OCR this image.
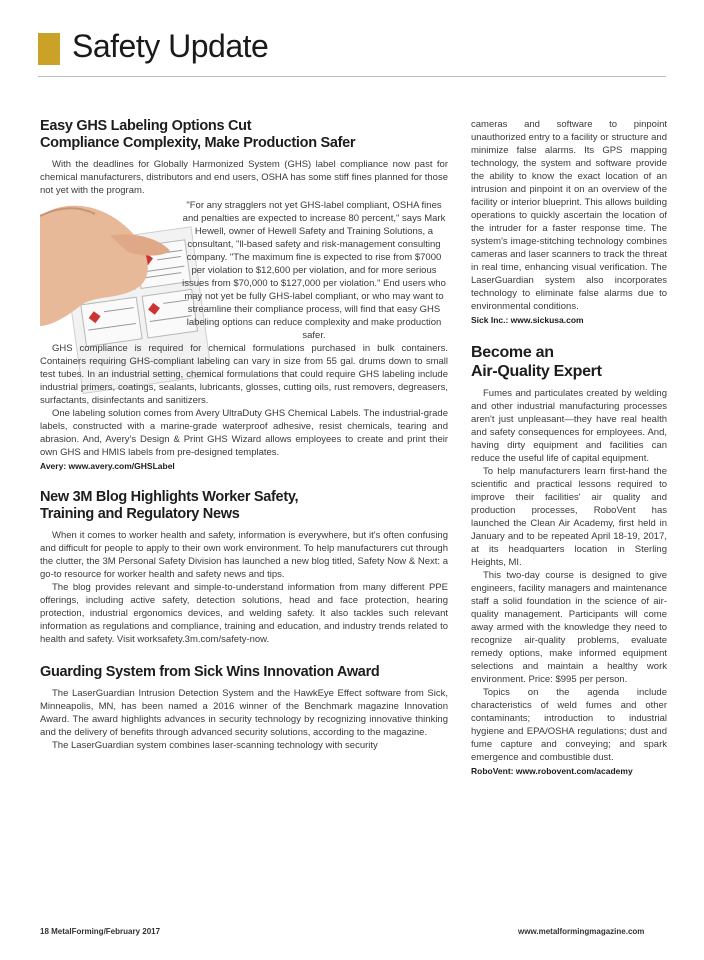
Safety Update
Easy GHS Labeling Options Cut
Compliance Complexity, Make Production Safer

With the deadlines for Globally Harmonized System (GHS) label compliance now past for chemical manufacturers, distributors and end users, OSHA has some stiff fines planned for those not yet with the program.

"For any stragglers not yet GHS-label compliant, OSHA fines and penalties are expected to increase 80 percent," says Mark Hewell, owner of Hewell Safety and Training Solutions, a consultant, "ll-based safety and risk-management consulting company. "The maximum fine is expected to rise from $7000 per violation to $12,600 per violation, and for more serious issues from $70,000 to $127,000 per violation." End users who may not yet be fully GHS-label compliant, or who may want to streamline their compliance process, will find that easy GHS labeling options can reduce complexity and make production safer.

GHS compliance is required for chemical formulations purchased in bulk containers. Containers requiring GHS-compliant labeling can vary in size from 55 gal. drums down to small test tubes. In an industrial setting, chemical formulations that could require GHS labeling include industrial primers, coatings, sealants, lubricants, glosses, cutting oils, rust removers, degreasers, surfactants, disinfectants and sanitizers.

One labeling solution comes from Avery UltraDuty GHS Chemical Labels. The industrial-grade labels, constructed with a marine-grade waterproof adhesive, resist chemicals, tearing and abrasion. And, Avery's Design & Print GHS Wizard allows employees to create and print their own GHS and HMIS labels from pre-designed templates.

Avery: www.avery.com/GHSLabel
New 3M Blog Highlights Worker Safety,
Training and Regulatory News

When it comes to worker health and safety, information is everywhere, but it's often confusing and difficult for people to apply to their own work environment. To help manufacturers cut through the clutter, the 3M Personal Safety Division has launched a new blog titled, Safety Now & Next: a go-to resource for worker health and safety news and tips.

The blog provides relevant and simple-to-understand information from many different PPE offerings, including active safety, detection solutions, head and face protection, hearing protection, industrial ergonomics devices, and welding safety. It also tackles such relevant information as regulations and compliance, training and education, and industry trends related to health and safety. Visit worksafety.3m.com/safety-now.

Guarding System from Sick Wins Innovation Award

The LaserGuardian Intrusion Detection System and the HawkEye Effect software from Sick, Minneapolis, MN, has been named a 2016 winner of the Benchmark magazine Innovation Award. The award highlights advances in security technology by recognizing innovative thinking and the delivery of benefits through advanced security solutions, according to the magazine.

The LaserGuardian system combines laser-scanning technology with security

cameras and software to pinpoint unauthorized entry to a facility or structure and minimize false alarms. Its GPS mapping technology, the system and software provide the ability to know the exact location of an intrusion and pinpoint it on an overview of the facility or interior blueprint. This allows building operations to quickly ascertain the location of the intruder for a faster response time. The system's image-stitching technology combines cameras and laser scanners to track the threat in real time, enhancing visual verification. The LaserGuardian system also incorporates technology to eliminate false alarms due to environmental conditions.

Sick Inc.: www.sickusa.com
Become an
Air-Quality Expert

Fumes and particulates created by welding and other industrial manufacturing processes aren't just unpleasant—they have real health and safety consequences for employees. And, having dirty equipment and facilities can reduce the useful life of capital equipment.

To help manufacturers learn first-hand the scientific and practical lessons required to improve their facilities' air quality and production processes, RoboVent has launched the Clean Air Academy, first held in January and to be repeated April 18-19, 2017, at its headquarters location in Sterling Heights, MI.

This two-day course is designed to give engineers, facility managers and maintenance staff a solid foundation in the science of air-quality management. Participants will come away armed with the knowledge they need to recognize air-quality problems, evaluate remedy options, make informed equipment selections and maintain a healthy work environment. Price: $995 per person.

Topics on the agenda include characteristics of weld fumes and other contaminants; introduction to industrial hygiene and EPA/OSHA regulations; dust and fume capture and conveying; and spark emergence and combustible dust.

RoboVent: www.robovent.com/academy
18 MetalForming/February 2017	www.metalformingmagazine.com
